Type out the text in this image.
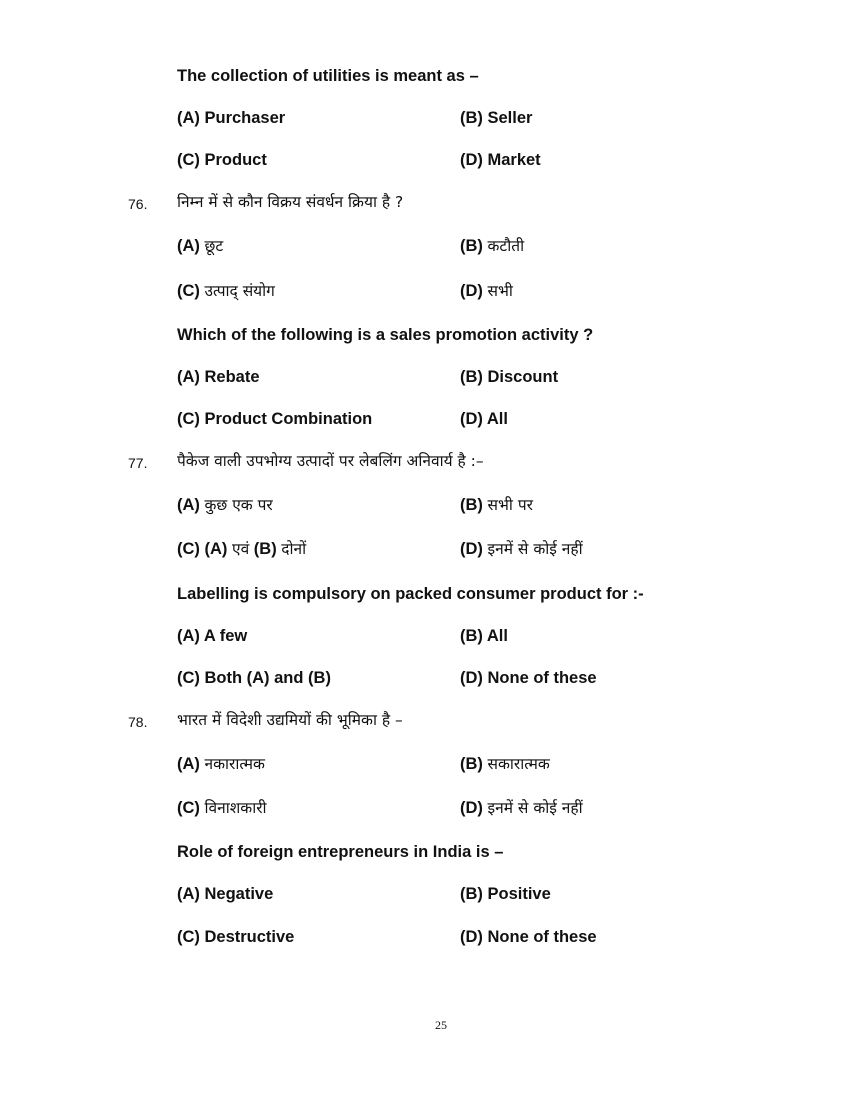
The collection of utilities is meant as –
(A) Purchaser	(B) Seller
(C) Product	(D) Market
76. निम्न में से कौन विक्रय संवर्धन क्रिया है ?
(A) छूट	(B) कटौती
(C) उत्पाद् संयोग	(D) सभी
Which of the following is a sales promotion activity ?
(A) Rebate	(B) Discount
(C) Product Combination	(D) All
77. पैकेज वाली उपभोग्य उत्पादों पर लेबलिंग अनिवार्य है :–
(A) कुछ एक पर	(B) सभी पर
(C) (A) एवं (B) दोनों	(D) इनमें से कोई नहीं
Labelling is compulsory on packed consumer product for :-
(A) A few	(B) All
(C) Both (A) and (B)	(D) None of these
78. भारत में विदेशी उद्यमियों की भूमिका है –
(A) नकारात्मक	(B) सकारात्मक
(C) विनाशकारी	(D) इनमें से कोई नहीं
Role of foreign entrepreneurs in India is –
(A) Negative	(B) Positive
(C) Destructive	(D) None of these
25
